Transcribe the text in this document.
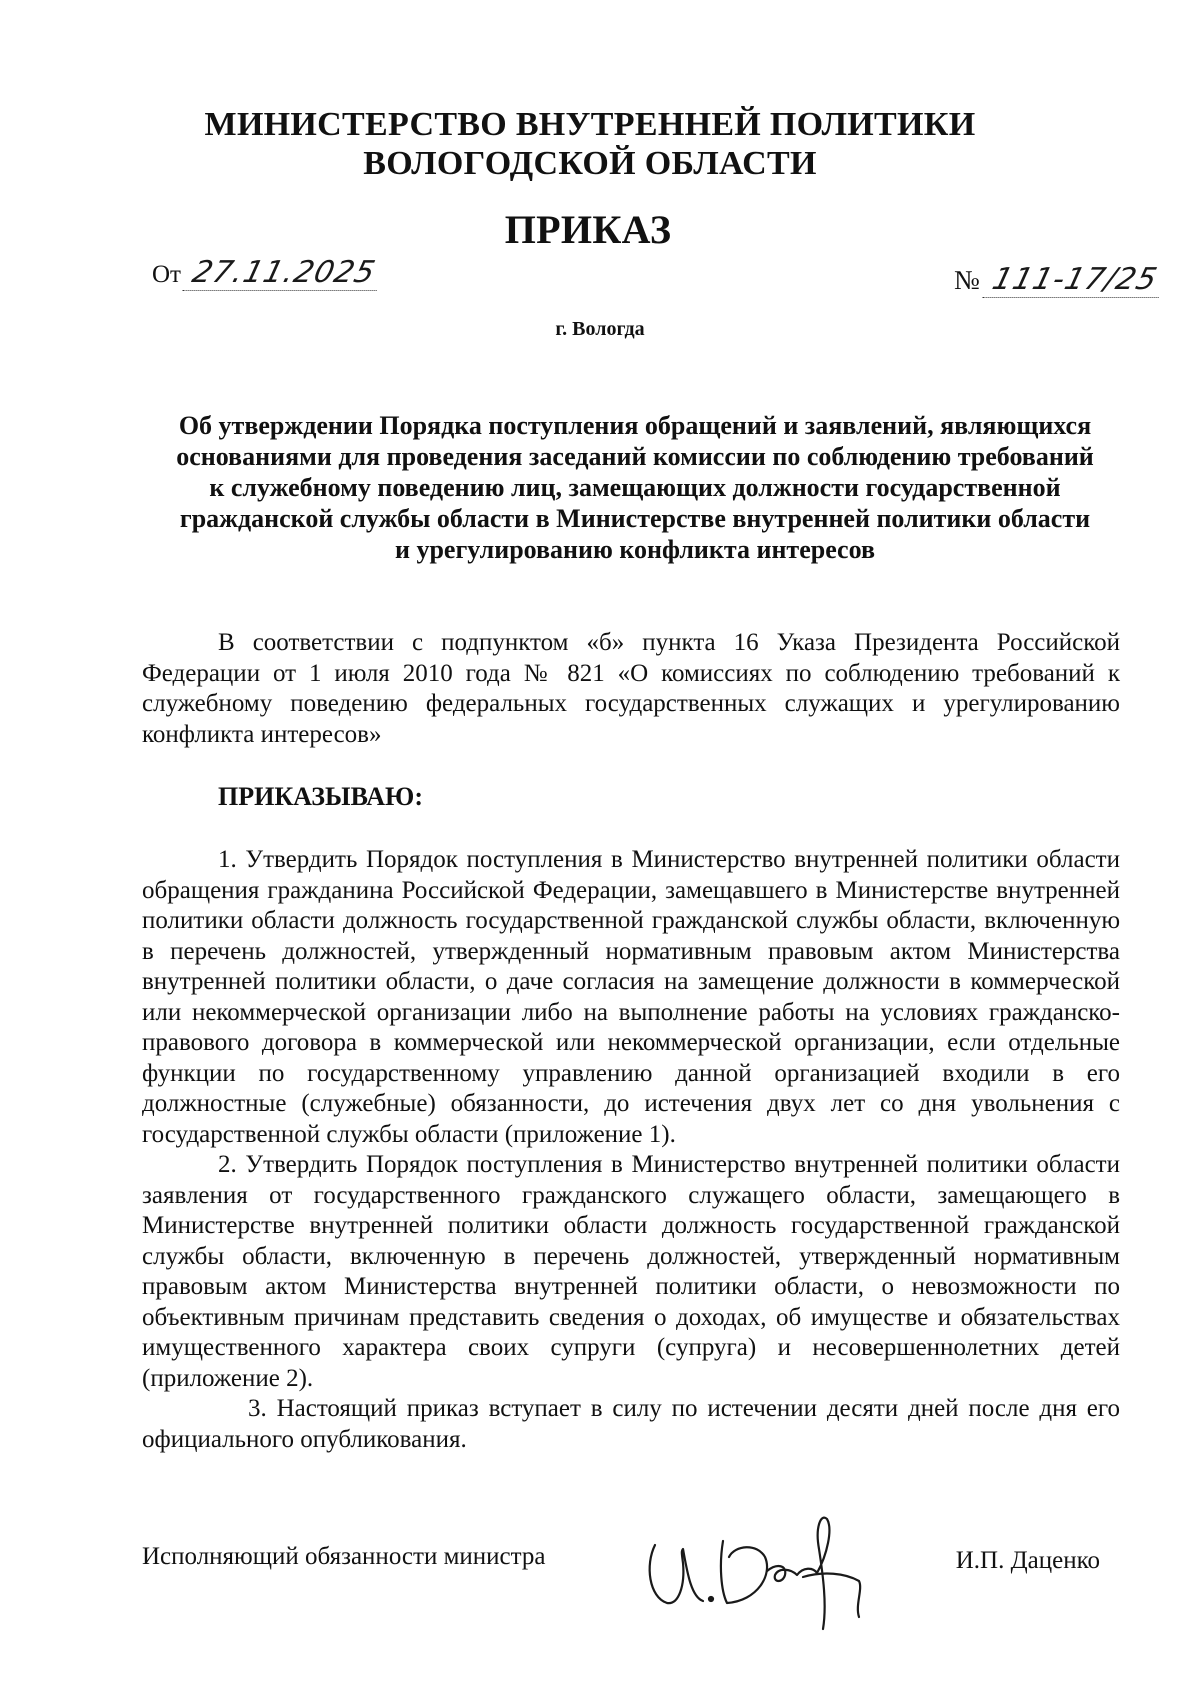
МИНИСТЕРСТВО ВНУТРЕННЕЙ ПОЛИТИКИ
ВОЛОГОДСКОЙ ОБЛАСТИ
ПРИКАЗ
От 27.11.2025	№ 111-17/25
г. Вологда
Об утверждении Порядка поступления обращений и заявлений, являющихся
основаниями для проведения заседаний комиссии по соблюдению требований
к служебному поведению лиц, замещающих должности государственной
гражданской службы области в Министерстве внутренней политики области
и урегулированию конфликта интересов

В соответствии с подпунктом «б» пункта 16 Указа Президента Российской Федерации от 1 июля 2010 года № 821 «О комиссиях по соблюдению требований к служебному поведению федеральных государственных служащих и урегулированию конфликта интересов»

ПРИКАЗЫВАЮ:

1. Утвердить Порядок поступления в Министерство внутренней политики области обращения гражданина Российской Федерации, замещавшего в Министерстве внутренней политики области должность государственной гражданской службы области, включенную в перечень должностей, утвержденный нормативным правовым актом Министерства внутренней политики области, о даче согласия на замещение должности в коммерческой или некоммерческой организации либо на выполнение работы на условиях гражданско-правового договора в коммерческой или некоммерческой организации, если отдельные функции по государственному управлению данной организацией входили в его должностные (служебные) обязанности, до истечения двух лет со дня увольнения с государственной службы области (приложение 1).

2. Утвердить Порядок поступления в Министерство внутренней политики области заявления от государственного гражданского служащего области, замещающего в Министерстве внутренней политики области должность государственной гражданской службы области, включенную в перечень должностей, утвержденный нормативным правовым актом Министерства внутренней политики области, о невозможности по объективным причинам представить сведения о доходах, об имуществе и обязательствах имущественного характера своих супруги (супруга) и несовершеннолетних детей (приложение 2).

3. Настоящий приказ вступает в силу по истечении десяти дней после дня его официального опубликования.

Исполняющий обязанности министра	И.П. Даценко
